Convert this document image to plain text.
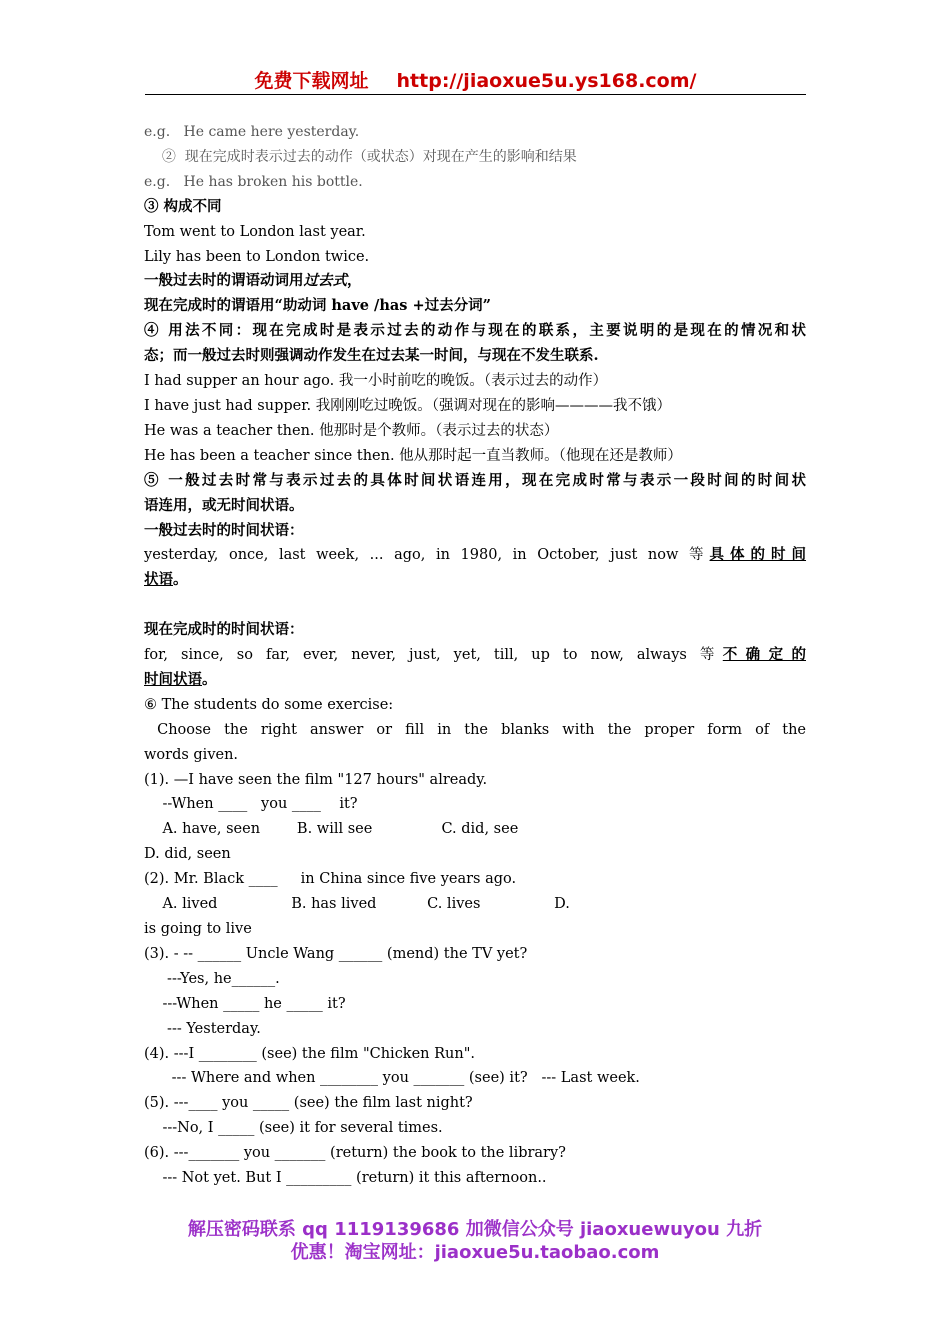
免费下载网址 http://jiaoxue5u.ys168.com/

e.g.   He came here yesterday.

②  现在完成时表示过去的动作（或状态）对现在产生的影响和结果

e.g.   He has broken his bottle.

③ 构成不同

Tom went to London last year.

Lily has been to London twice.

一般过去时的谓语动词用过去式，

现在完成时的谓语用“助动词 have /has +过去分词”

④ 用法不同：现在完成时是表示过去的动作与现在的联系，主要说明的是现在的情况和状

态；而一般过去时则强调动作发生在过去某一时间，与现在不发生联系.

I had supper an hour ago. 我一小时前吃的晚饭。（表示过去的动作）

I have just had supper. 我刚刚吃过晚饭。（强调对现在的影响————我不饿）

He was a teacher then. 他那时是个教师。（表示过去的状态）

He has been a teacher since then. 他从那时起一直当教师。（他现在还是教师）

⑤ 一般过去时常与表示过去的具体时间状语连用，现在完成时常与表示一段时间的时间状

语连用，或无时间状语。

一般过去时的时间状语：

yesterday, once, last week, ... ago, in 1980, in October, just now 等具体的时间

状语。

现在完成时的时间状语：

for, since, so far, ever, never, just, yet, till, up to now, always 等不确定的

时间状语。

⑥ The students do some exercise:

Choose the right answer or fill in the blanks with the proper form of the

words given.

(1). —I have seen the film "127 hours" already.

--When ____   you ____    it?

A. have, seen        B. will see               C. did, see

D. did, seen

(2). Mr. Black ____     in China since five years ago.

A. lived                B. has lived           C. lives                D.

is going to live

(3). - -- ______ Uncle Wang ______ (mend) the TV yet?

---Yes, he______.

---When _____ he _____ it?

--- Yesterday.

(4). ---I ________ (see) the film "Chicken Run".

--- Where and when ________ you _______ (see) it?   --- Last week.

(5). ---____ you _____ (see) the film last night?

---No, I _____ (see) it for several times.

(6). ---_______ you _______ (return) the book to the library?

--- Not yet. But I _________ (return) it this afternoon..

解压密码联系 qq 1119139686 加微信公众号 jiaoxuewuyou 九折
优惠！淘宝网址：jiaoxue5u.taobao.com
